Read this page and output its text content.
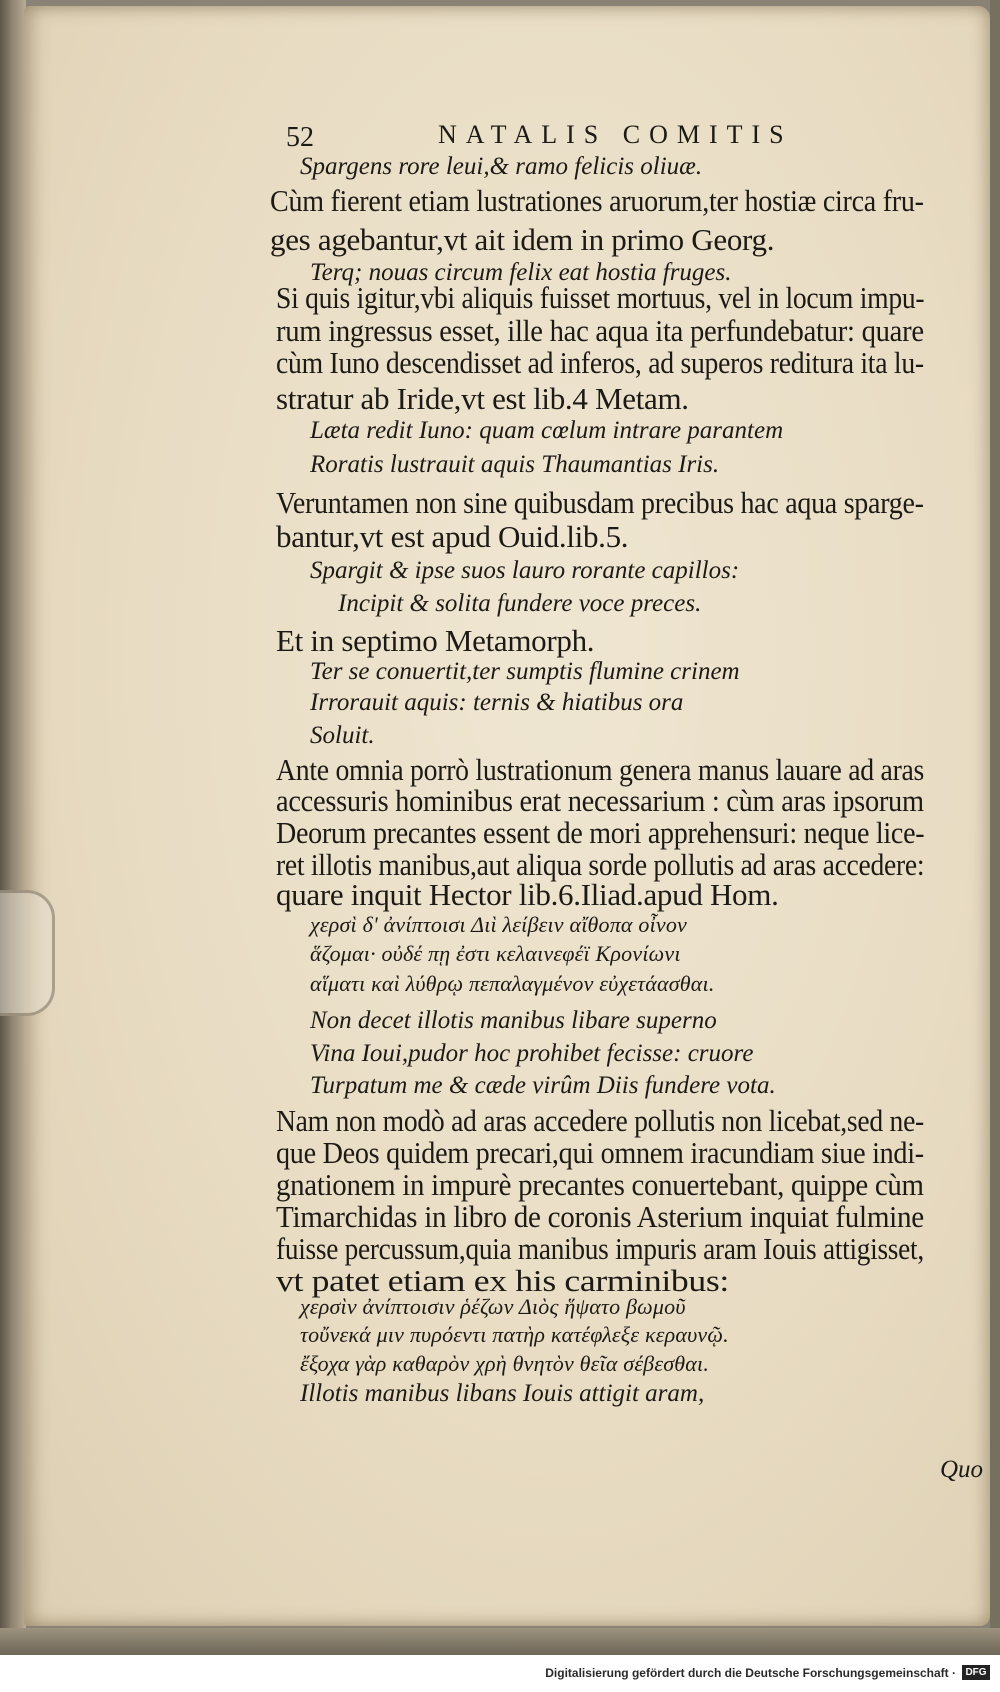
52	NATALIS COMITIS
Spargens rore leui,& ramo felicis oliuæ.
Cùm fierent etiam lustrationes aruorum,ter hostiæ circa fru-
ges agebantur,vt ait idem in primo Georg.
Terq; nouas circum felix eat hostia fruges.
Si quis igitur,vbi aliquis fuisset mortuus, vel in locum impu-
rum ingressus esset, ille hac aqua ita perfundebatur: quare
cùm Iuno descendisset ad inferos, ad superos reditura ita lu-
stratur ab Iride,vt est lib.4 Metam.
Læta redit Iuno: quam cœlum intrare parantem
Roratis lustrauit aquis Thaumantias Iris.
Veruntamen non sine quibusdam precibus hac aqua sparge-
bantur,vt est apud Ouid.lib.5.
Spargit & ipse suos lauro rorante capillos:
Incipit & solita fundere voce preces.
Et in septimo Metamorph.
Ter se conuertit,ter sumptis flumine crinem
Irrorauit aquis: ternis & hiatibus ora
Soluit.
Ante omnia porrò lustrationum genera manus lauare ad aras
accessuris hominibus erat necessarium : cùm aras ipsorum
Deorum precantes essent de mori apprehensuri: neque lice-
ret illotis manibus,aut aliqua sorde pollutis ad aras accedere:
quare inquit Hector lib.6.Iliad.apud Hom.
χερσὶ δ' ἀνίπτοισι Διὶ λείβειν αἴθοπα οἶνον
ἅζομαι· οὐδέ πῃ ἐστι κελαινεφέϊ Κρονίωνι
αἵματι καὶ λύθρῳ πεπαλαγμένον εὐχετάασθαι.
Non decet illotis manibus libare superno
Vina Ioui,pudor hoc prohibet fecisse: cruore
Turpatum me & cæde virûm Diis fundere vota.
Nam non modò ad aras accedere pollutis non licebat,sed ne-
que Deos quidem precari,qui omnem iracundiam siue indi-
gnationem in impurè precantes conuertebant, quippe cùm
Timarchidas in libro de coronis Asterium inquiat fulmine
fuisse percussum,quia manibus impuris aram Iouis attigisset,
vt patet etiam ex his carminibus:
χερσὶν ἀνίπτοισιν ῥέζων Διὸς ἥψατο βωμοῦ
τοὔνεκά μιν πυρόεντι πατὴρ κατέφλεξε κεραυνῷ.
ἔξοχα γὰρ καθαρὸν χρὴ θνητὸν θεῖα σέβεσθαι.
Illotis manibus libans Iouis attigit aram,
Quo
Digitalisierung gefördert durch die Deutsche Forschungsgemeinschaft · DFG
